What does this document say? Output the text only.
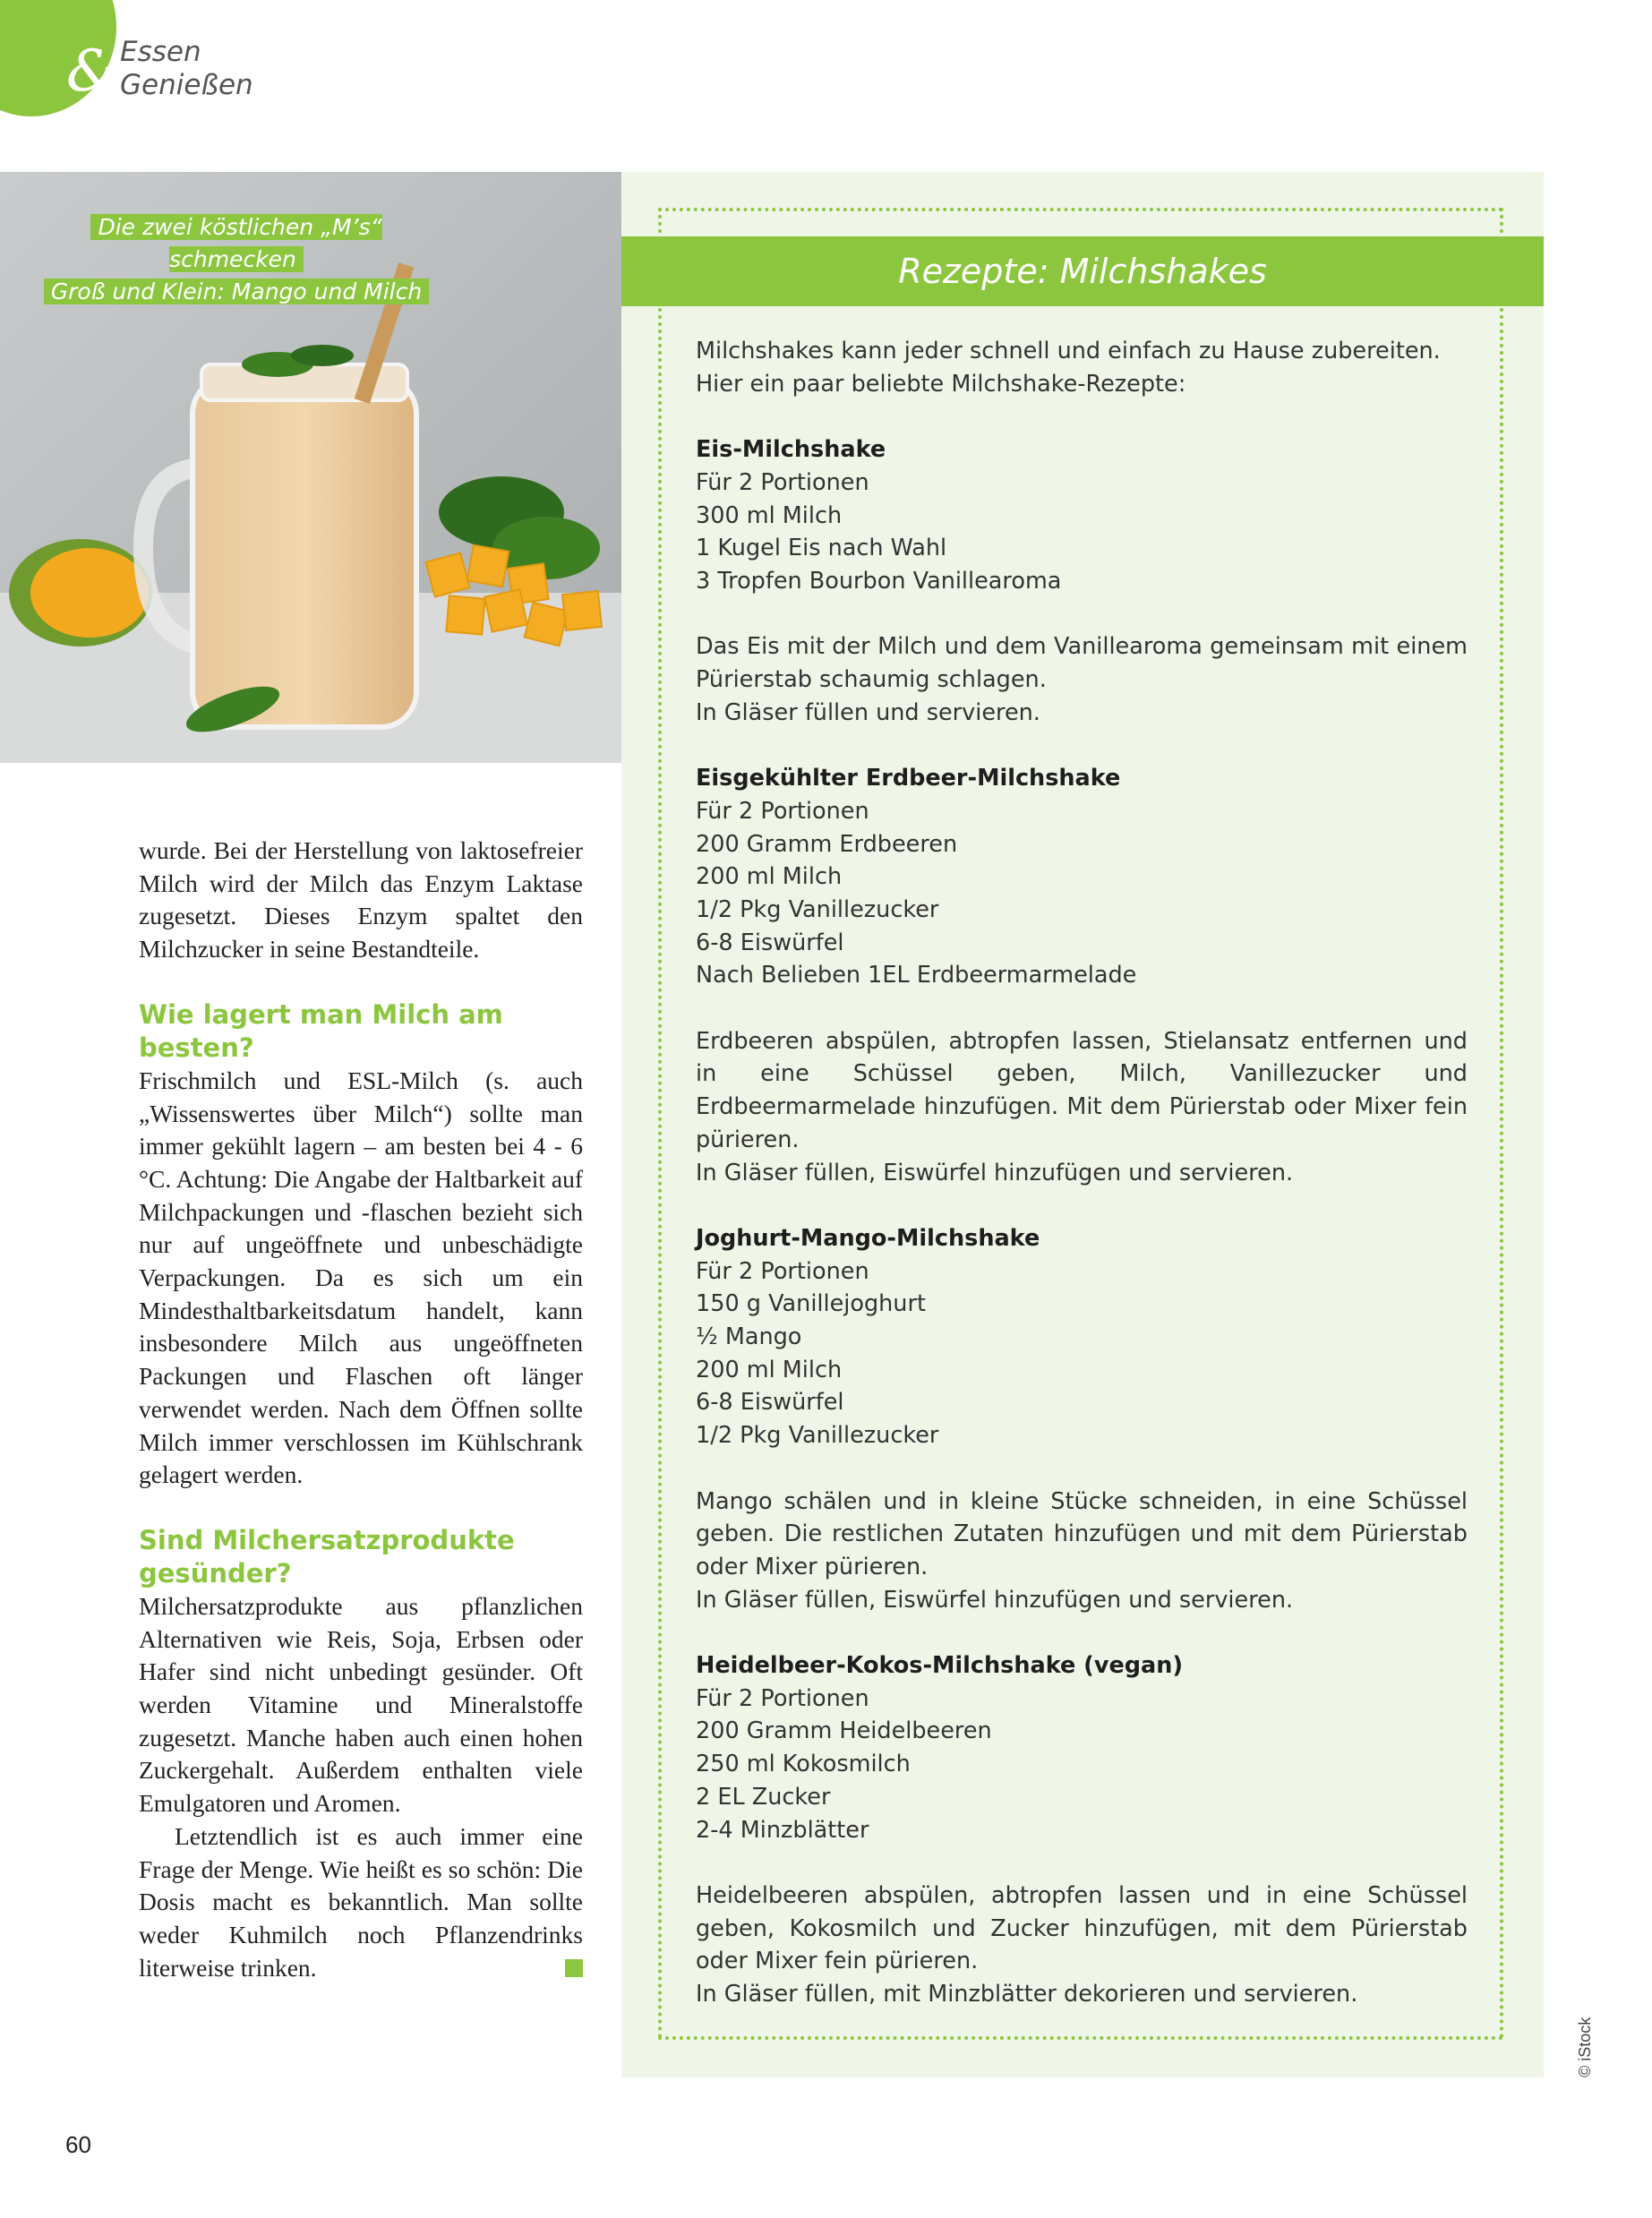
& Essen
Genießen
Die zwei köstlichen „M’s“ schmecken
Groß und Klein: Mango und Milch

wurde. Bei der Herstellung von laktosefreier Milch wird der Milch das Enzym Laktase zugesetzt. Dieses Enzym spaltet den Milchzucker in seine Bestandteile.

Wie lagert man Milch am besten?

Frischmilch und ESL-Milch (s. auch „Wissenswertes über Milch“) sollte man immer gekühlt lagern – am besten bei 4 - 6 °C. Achtung: Die Angabe der Haltbarkeit auf Milchpackungen und -flaschen bezieht sich nur auf ungeöffnete und unbeschädigte Verpackungen. Da es sich um ein Mindesthaltbarkeitsdatum handelt, kann insbesondere Milch aus ungeöffneten Packungen und Flaschen oft länger verwendet werden. Nach dem Öffnen sollte Milch immer verschlossen im Kühlschrank gelagert werden.

Sind Milchersatzprodukte gesünder?

Milchersatzprodukte aus pflanzlichen Alternativen wie Reis, Soja, Erbsen oder Hafer sind nicht unbedingt gesünder. Oft werden Vitamine und Mineralstoffe zugesetzt. Manche haben auch einen hohen Zuckergehalt. Außerdem enthalten viele Emulgatoren und Aromen.

Letztendlich ist es auch immer eine Frage der Menge. Wie heißt es so schön: Die Dosis macht es bekanntlich. Man sollte weder Kuhmilch noch Pflanzendrinks literweise trinken.

Rezepte: Milchshakes
Milchshakes kann jeder schnell und einfach zu Hause zubereiten.
Hier ein paar beliebte Milchshake-Rezepte:
Eis-Milchshake
Für 2 Portionen
300 ml Milch
1 Kugel Eis nach Wahl
3 Tropfen Bourbon Vanillearoma
Das Eis mit der Milch und dem Vanillearoma gemeinsam mit einem Pürierstab schaumig schlagen.
In Gläser füllen und servieren.
Eisgekühlter Erdbeer-Milchshake
Für 2 Portionen
200 Gramm Erdbeeren
200 ml Milch
1/2 Pkg Vanillezucker
6-8 Eiswürfel
Nach Belieben 1EL Erdbeermarmelade
Erdbeeren abspülen, abtropfen lassen, Stielansatz entfernen und in eine Schüssel geben, Milch, Vanillezucker und Erdbeermarmelade hinzufügen. Mit dem Pürierstab oder Mixer fein pürieren.
In Gläser füllen, Eiswürfel hinzufügen und servieren.
Joghurt-Mango-Milchshake
Für 2 Portionen
150 g Vanillejoghurt
½ Mango
200 ml Milch
6-8 Eiswürfel
1/2 Pkg Vanillezucker
Mango schälen und in kleine Stücke schneiden, in eine Schüssel geben. Die restlichen Zutaten hinzufügen und mit dem Pürierstab oder Mixer pürieren.
In Gläser füllen, Eiswürfel hinzufügen und servieren.
Heidelbeer-Kokos-Milchshake (vegan)
Für 2 Portionen
200 Gramm Heidelbeeren
250 ml Kokosmilch
2 EL Zucker
2-4 Minzblätter
Heidelbeeren abspülen, abtropfen lassen und in eine Schüssel geben, Kokosmilch und Zucker hinzufügen, mit dem Pürierstab oder Mixer fein pürieren.
In Gläser füllen, mit Minzblätter dekorieren und servieren.
60
© iStock
